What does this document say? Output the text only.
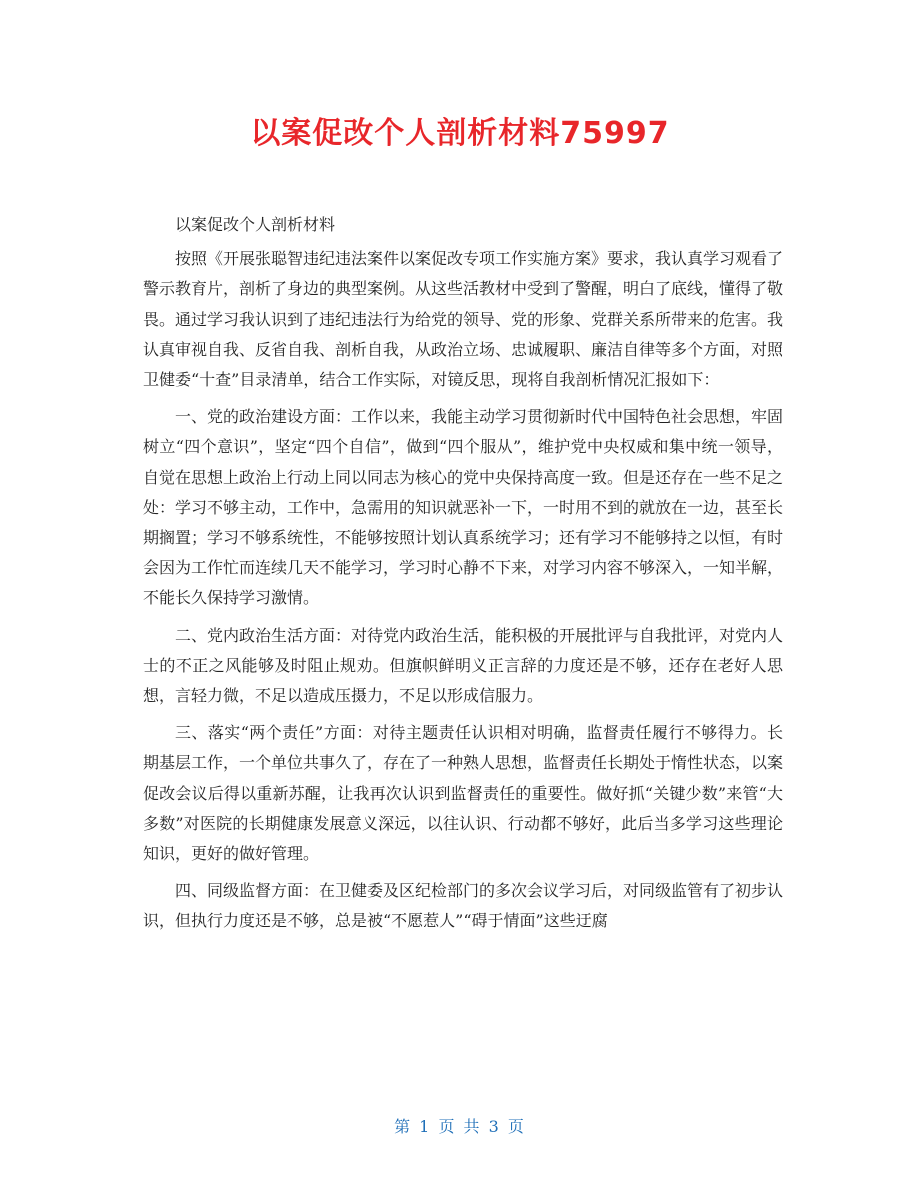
以案促改个人剖析材料75997

以案促改个人剖析材料

按照《开展张聪智违纪违法案件以案促改专项工作实施方案》要求，我认真学习观看了警示教育片，剖析了身边的典型案例。从这些活教材中受到了警醒，明白了底线，懂得了敬畏。通过学习我认识到了违纪违法行为给党的领导、党的形象、党群关系所带来的危害。我认真审视自我、反省自我、剖析自我，从政治立场、忠诚履职、廉洁自律等多个方面，对照卫健委“十查”目录清单，结合工作实际，对镜反思，现将自我剖析情况汇报如下：

一、党的政治建设方面：工作以来，我能主动学习贯彻新时代中国特色社会思想，牢固树立“四个意识”，坚定“四个自信”，做到“四个服从”，维护党中央权威和集中统一领导，自觉在思想上政治上行动上同以同志为核心的党中央保持高度一致。但是还存在一些不足之处：学习不够主动，工作中，急需用的知识就恶补一下，一时用不到的就放在一边，甚至长期搁置；学习不够系统性，不能够按照计划认真系统学习；还有学习不能够持之以恒，有时会因为工作忙而连续几天不能学习，学习时心静不下来，对学习内容不够深入，一知半解，不能长久保持学习激情。

二、党内政治生活方面：对待党内政治生活，能积极的开展批评与自我批评，对党内人士的不正之风能够及时阻止规劝。但旗帜鲜明义正言辞的力度还是不够，还存在老好人思想，言轻力微，不足以造成压摄力，不足以形成信服力。

三、落实“两个责任”方面：对待主题责任认识相对明确，监督责任履行不够得力。长期基层工作，一个单位共事久了，存在了一种熟人思想，监督责任长期处于惰性状态，以案促改会议后得以重新苏醒，让我再次认识到监督责任的重要性。做好抓“关键少数”来管“大多数”对医院的长期健康发展意义深远，以往认识、行动都不够好，此后当多学习这些理论知识，更好的做好管理。

四、同级监督方面：在卫健委及区纪检部门的多次会议学习后，对同级监管有了初步认识，但执行力度还是不够，总是被“不愿惹人”“碍于情面”这些迂腐

第 1 页 共 3 页
